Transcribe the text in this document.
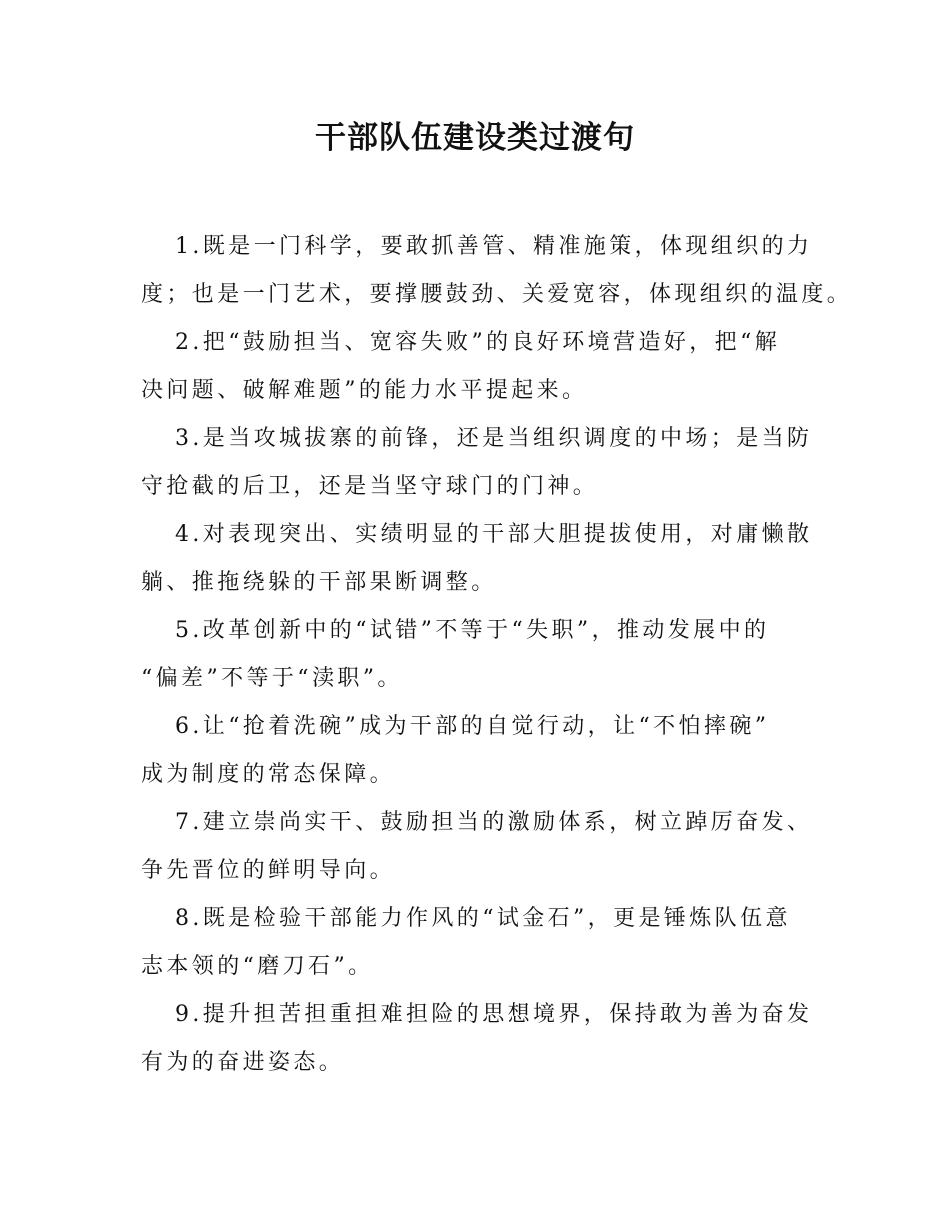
干部队伍建设类过渡句
1.既是一门科学，要敢抓善管、精准施策，体现组织的力
度；也是一门艺术，要撑腰鼓劲、关爱宽容，体现组织的温度。
2.把“鼓励担当、宽容失败”的良好环境营造好，把“解
决问题、破解难题”的能力水平提起来。
3.是当攻城拔寨的前锋，还是当组织调度的中场；是当防
守抢截的后卫，还是当坚守球门的门神。
4.对表现突出、实绩明显的干部大胆提拔使用，对庸懒散
躺、推拖绕躲的干部果断调整。
5.改革创新中的“试错”不等于“失职”，推动发展中的
“偏差”不等于“渎职”。
6.让“抢着洗碗”成为干部的自觉行动，让“不怕摔碗”
成为制度的常态保障。
7.建立崇尚实干、鼓励担当的激励体系，树立踔厉奋发、
争先晋位的鲜明导向。
8.既是检验干部能力作风的“试金石”，更是锤炼队伍意
志本领的“磨刀石”。
9.提升担苦担重担难担险的思想境界，保持敢为善为奋发
有为的奋进姿态。
